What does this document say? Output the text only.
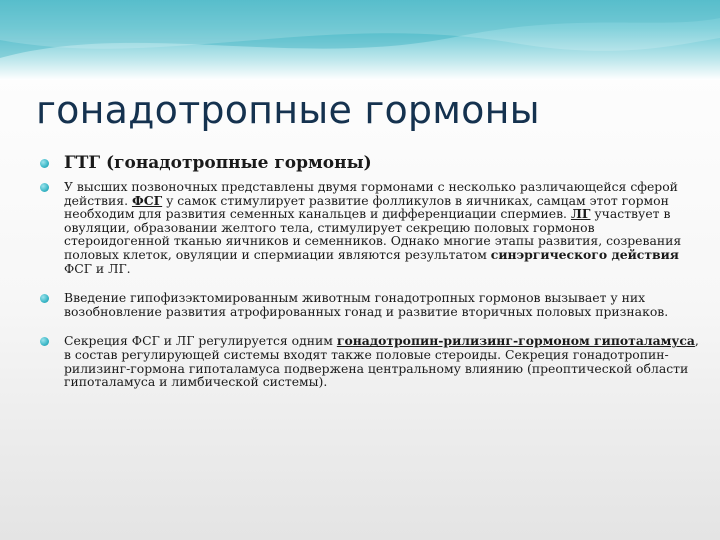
гонадотропные гормоны
ГТГ (гонадотропные гормоны)
У высших позвоночных представлены двумя гормонами с несколько различающейся сферой действия. ФСГ у самок стимулирует развитие фолликулов в яичниках, самцам этот гормон необходим для развития семенных канальцев и дифференциации спермиев. ЛГ участвует в овуляции, образовании желтого тела, стимулирует секрецию половых гормонов стероидогенной тканью яичников и семенников. Однако многие этапы развития, созревания половых клеток, овуляции и спермиации являются результатом синэргического действия ФСГ и ЛГ.
Введение гипофизэктомированным животным гонадотропных гормонов вызывает у них возобновление развития атрофированных гонад и развитие вторичных половых признаков.
Секреция ФСГ и ЛГ регулируется одним гонадотропин-рилизинг-гормоном гипоталамуса, в состав регулирующей системы входят также половые стероиды. Секреция гонадотропин-рилизинг-гормона гипоталамуса подвержена центральному влиянию (преоптической области гипоталамуса и лимбической системы).
